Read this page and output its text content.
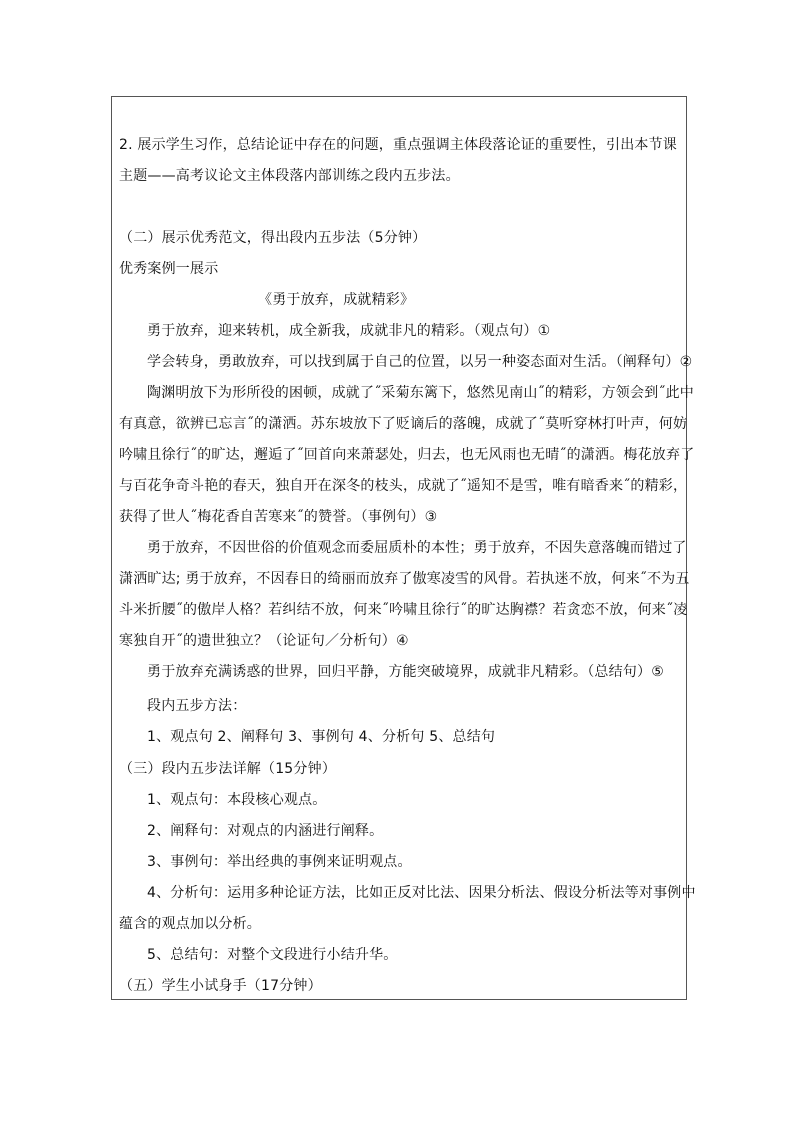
2. 展示学生习作，总结论证中存在的问题，重点强调主体段落论证的重要性，引出本节课
主题——高考议论文主体段落内部训练之段内五步法。
（二）展示优秀范文，得出段内五步法（5分钟）
优秀案例一展示
《勇于放弃，成就精彩》
勇于放弃，迎来转机，成全新我，成就非凡的精彩。（观点句）①
学会转身，勇敢放弃，可以找到属于自己的位置，以另一种姿态面对生活。（阐释句）②
陶渊明放下为形所役的困顿，成就了˝采菊东篱下，悠然见南山˝的精彩，方领会到˝此中
有真意，欲辨已忘言˝的潇洒。苏东坡放下了贬谪后的落魄，成就了˝莫听穿林打叶声，何妨
吟啸且徐行˝的旷达，邂逅了˝回首向来萧瑟处，归去，也无风雨也无晴˝的潇洒。梅花放弃了
与百花争奇斗艳的春天，独自开在深冬的枝头，成就了˝遥知不是雪，唯有暗香来˝的精彩，
获得了世人˝梅花香自苦寒来˝的赞誉。（事例句）③
勇于放弃，不因世俗的价值观念而委屈质朴的本性；勇于放弃，不因失意落魄而错过了
潇洒旷达; 勇于放弃，不因春日的绮丽而放弃了傲寒凌雪的风骨。若执迷不放，何来˝不为五
斗米折腰˝的傲岸人格？若纠结不放，何来˝吟啸且徐行˝的旷达胸襟？若贪恋不放，何来˝凌
寒独自开˝的遗世独立？（论证句／分析句）④
勇于放弃充满诱惑的世界，回归平静，方能突破境界，成就非凡精彩。（总结句）⑤
段内五步方法：
1、观点句 2、阐释句 3、事例句 4、分析句 5、总结句
（三）段内五步法详解（15分钟）
1、观点句：本段核心观点。
2、阐释句：对观点的内涵进行阐释。
3、事例句：举出经典的事例来证明观点。
4、分析句：运用多种论证方法，比如正反对比法、因果分析法、假设分析法等对事例中
蕴含的观点加以分析。
5、总结句：对整个文段进行小结升华。
（五）学生小试身手（17分钟）
